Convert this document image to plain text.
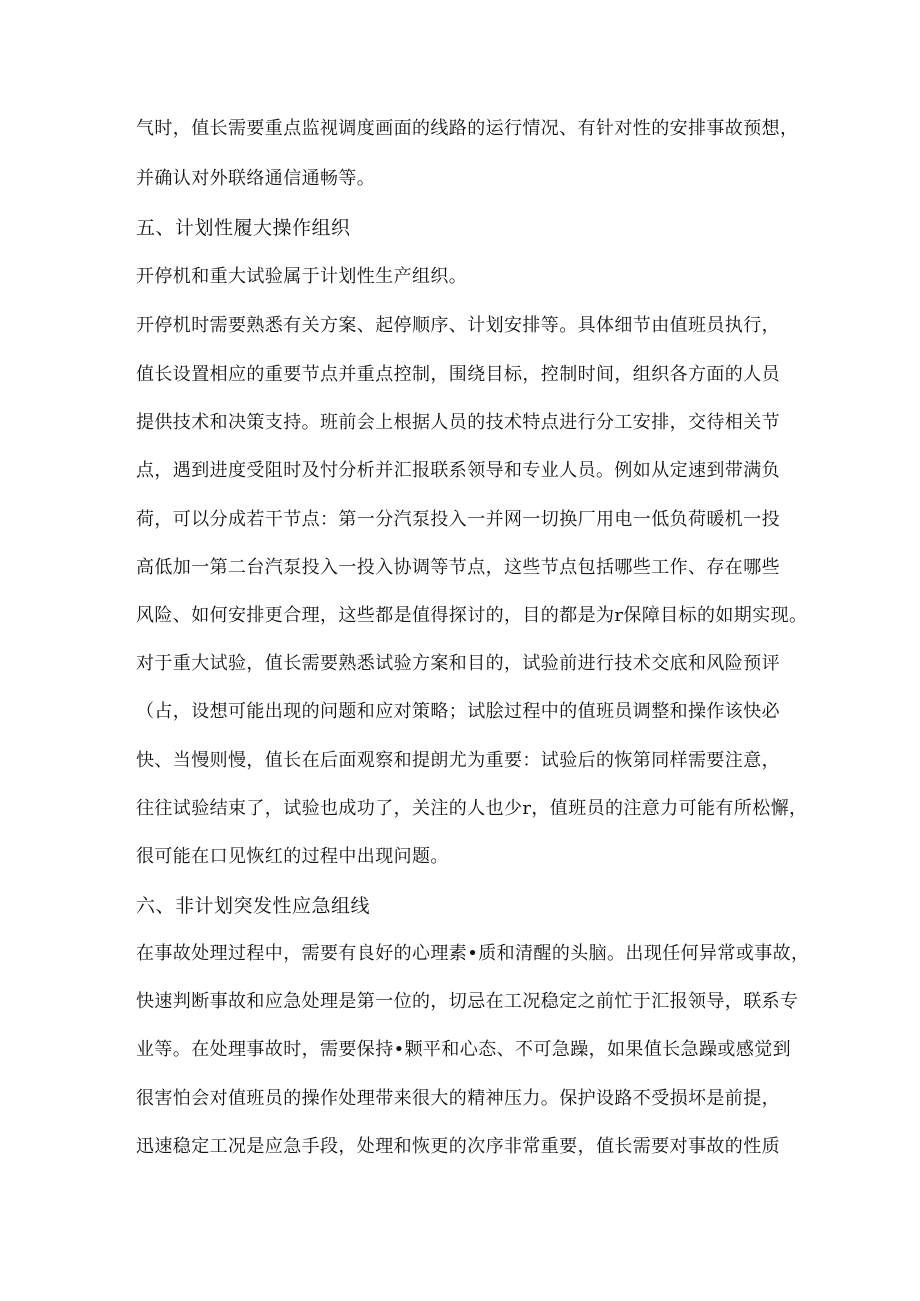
气时，值长需要重点监视调度画面的线路的运行情况、有针对性的安排事故预想，

并确认对外联络通信通畅等。

五、计划性履大操作组织

开停机和重大试验属于计划性生产组织。

开停机时需要熟悉有关方案、起停顺序、计划安排等。具体细节由值班员执行，

值长设置相应的重要节点并重点控制，围绕目标，控制时间，组织各方面的人员

提供技术和决策支持。班前会上根据人员的技术特点进行分工安排，交待相关节

点，遇到进度受阻时及忖分析并汇报联系领导和专业人员。例如从定速到带满负

荷，可以分成若干节点：第一分汽泵投入一并网一切换厂用电一低负荷暖机一投

高低加一第二台汽泵投入一投入协调等节点，这些节点包括哪些工作、存在哪些

风险、如何安排更合理，这些都是值得探讨的，目的都是为r保障目标的如期实现。

对于重大试验，值长需要熟悉试验方案和目的，试验前进行技术交底和风险预评

（占，设想可能出现的问题和应对策略；试脍过程中的值班员调整和操作该快必

快、当慢则慢，值长在后面观察和提朗尤为重要：试验后的恢第同样需要注意，

往往试验结束了，试验也成功了，关注的人也少r，值班员的注意力可能有所松懈，

很可能在口见恢红的过程中出现问题。

六、非计划突发性应急组线

在事故处理过程中，需要有良好的心理素•质和清醒的头脑。出现任何异常或事故，

快速判断事故和应急处理是第一位的，切忌在工况稳定之前忙于汇报领导，联系专

业等。在处理事故时，需要保持•颗平和心态、不可急躁，如果值长急躁或感觉到

很害怕会对值班员的操作处理带来很大的精神压力。保护设路不受损坏是前提，

迅速稳定工况是应急手段，处理和恢更的次序非常重要，值长需要对事故的性质
